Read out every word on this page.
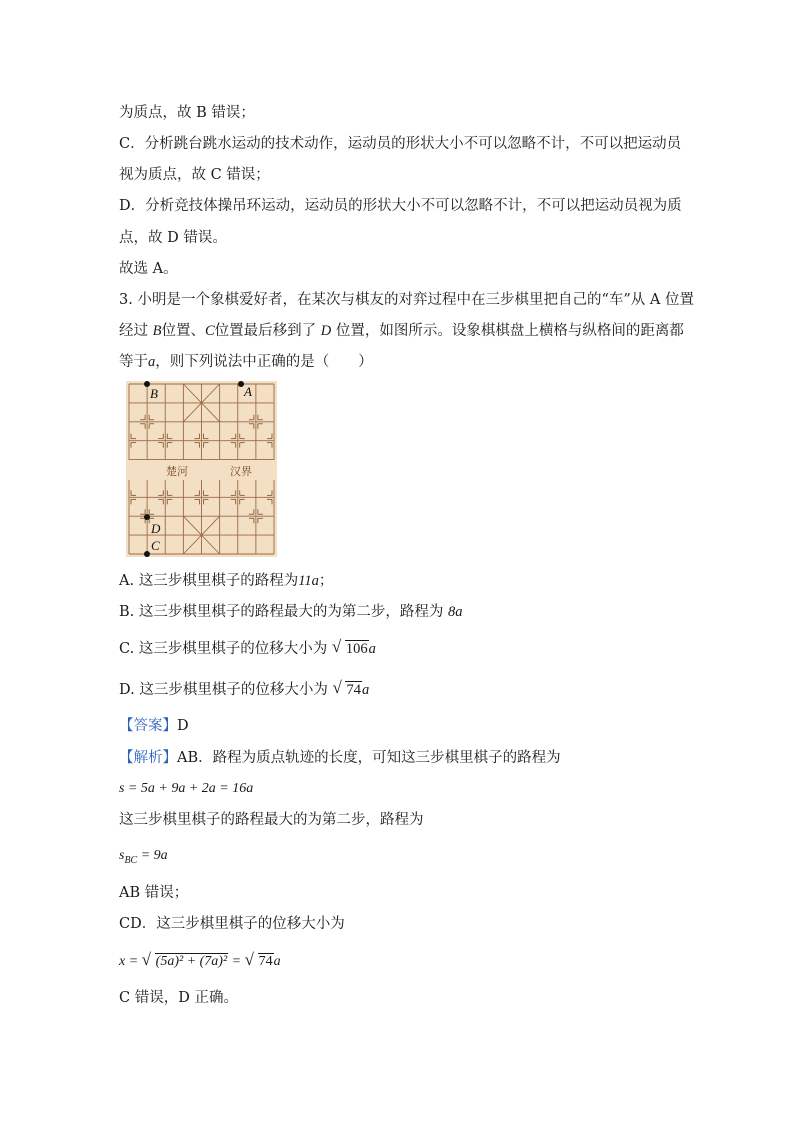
为质点，故 B 错误；
C．分析跳台跳水运动的技术动作，运动员的形状大小不可以忽略不计，不可以把运动员
视为质点，故 C 错误；
D．分析竞技体操吊环运动，运动员的形状大小不可以忽略不计，不可以把运动员视为质
点，故 D 错误。
故选 A。
3. 小明是一个象棋爱好者，在某次与棋友的对弈过程中在三步棋里把自己的“车”从 A 位置
经过 B位置、C位置最后移到了 D 位置，如图所示。设象棋棋盘上横格与纵格间的距离都
等于a，则下列说法中正确的是（　　）
楚河	汉界
B	A
D
C
A. 这三步棋里棋子的路程为11a；
B. 这三步棋里棋子的路程最大的为第二步，路程为 8a
C. 这三步棋里棋子的位移大小为 √ 106a
D. 这三步棋里棋子的位移大小为 √ 74a
【答案】D
【解析】AB．路程为质点轨迹的长度，可知这三步棋里棋子的路程为
s = 5a + 9a + 2a = 16a
这三步棋里棋子的路程最大的为第二步，路程为
$s_{BC} = 9a$
AB 错误；
CD．这三步棋里棋子的位移大小为
x = √ (5a)² + (7a)² = √ 74a
C 错误，D 正确。
